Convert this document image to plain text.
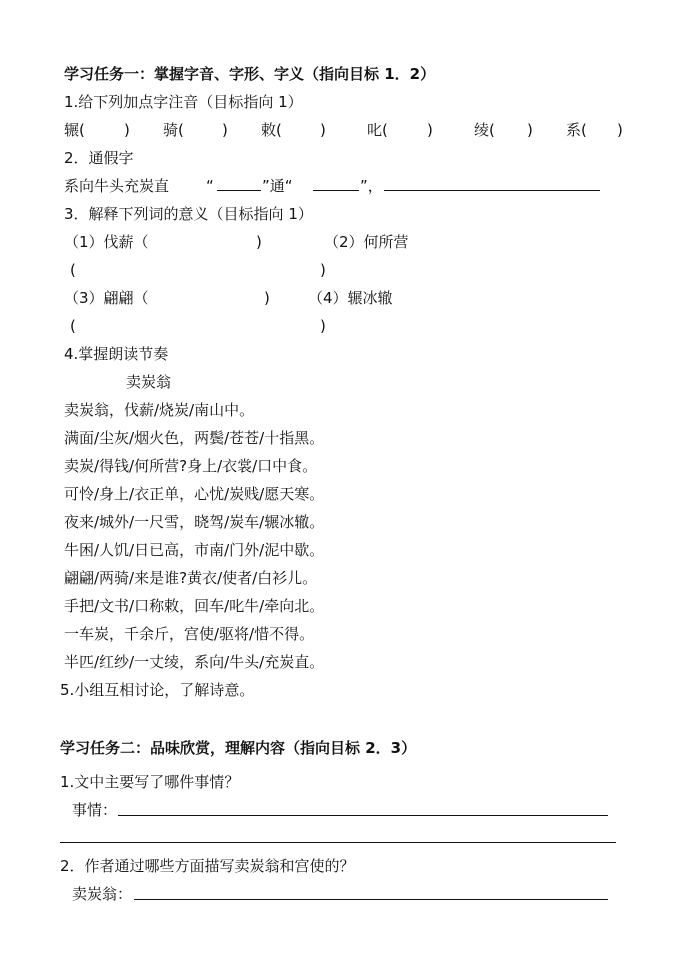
学习任务一：掌握字音、字形、字义（指向目标 1．2）
1.给下列加点字注音（目标指向 1）
辗(	) 骑(	) 敕(	)	叱(	)	绫( ) 系( )
2．通假字
系向牛头充炭直 “	”通“	”，
3．解释下列词的意义（目标指向 1）
（1）伐薪（	)	（2）何所营
(	)
（3）翩翩（	)	（4）辗冰辙
(	)
4.掌握朗读节奏
卖炭翁
卖炭翁，伐薪/烧炭/南山中。
满面/尘灰/烟火色，两鬓/苍苍/十指黑。
卖炭/得钱/何所营?身上/衣裳/口中食。
可怜/身上/衣正单，心忧/炭贱/愿天寒。
夜来/城外/一尺雪，晓驾/炭车/辗冰辙。
牛困/人饥/日已高，市南/门外/泥中歇。
翩翩/两骑/来是谁?黄衣/使者/白衫儿。
手把/文书/口称敕，回车/叱牛/牵向北。
一车炭，千余斤，宫使/驱将/惜不得。
半匹/红纱/一丈绫，系向/牛头/充炭直。
5.小组互相讨论，了解诗意。
学习任务二：品味欣赏，理解内容（指向目标 2．3）
1.文中主要写了哪件事情？
事情：
2．作者通过哪些方面描写卖炭翁和宫使的？
卖炭翁：
